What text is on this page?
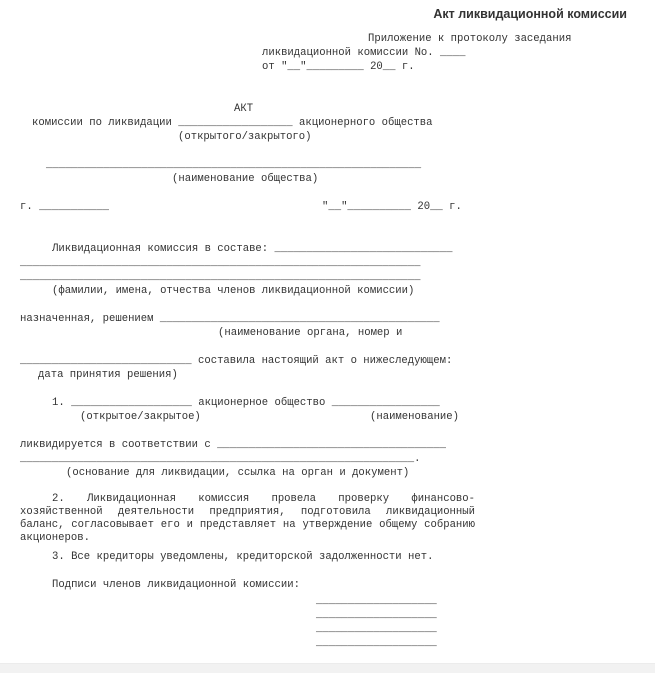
Акт ликвидационной комиссии
Приложение к протоколу заседания
ликвидационной комиссии No. ____
от "__"_________ 20__ г.
АКТ
комиссии по ликвидации __________________ акционерного общества
(открытого/закрытого)
___________________________________________________________
(наименование общества)
г. ___________	"__"__________ 20__ г.
Ликвидационная комиссия в составе: ____________________________
_______________________________________________________________
_______________________________________________________________
(фамилии, имена, отчества членов ликвидационной комиссии)
назначенная, решением ____________________________________________
(наименование органа, номер и
___________________________ составила настоящий акт о нижеследующем:
дата принятия решения)
1. ___________________ акционерное общество _________________
(открытое/закрытое)	(наименование)
ликвидируется в соответствии с ____________________________________
______________________________________________________________.
(основание для ликвидации, ссылка на орган и документ)
2. Ликвидационная комиссия провела проверку финансово-хозяйственной деятельности предприятия, подготовила ликвидационный баланс, согласовывает его и представляет на утверждение общему собранию акционеров.
3. Все кредиторы уведомлены, кредиторской задолженности нет.
Подписи членов ликвидационной комиссии:
___________________
___________________
___________________
___________________
